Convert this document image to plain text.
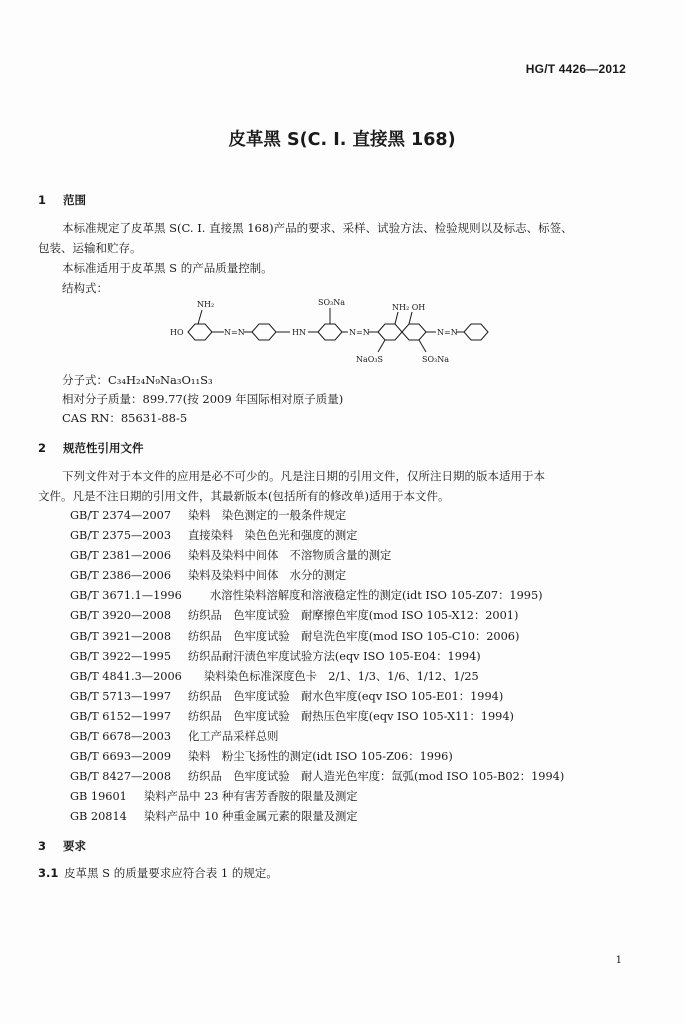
HG/T 4426—2012
皮革黑 S(C. I. 直接黑 168)
1 范围

本标准规定了皮革黑 S(C. I. 直接黑 168)产品的要求、采样、试验方法、检验规则以及标志、标签、

包装、运输和贮存。
本标准适用于皮革黑 S 的产品质量控制。
结构式：
HO
NH₂
N=N	HN
SO₃Na
N=N
NH₂ OH
NaO₃S	SO₃Na
N=N
分子式：C₃₄H₂₄N₉Na₃O₁₁S₃
相对分子质量：899.77(按 2009 年国际相对原子质量)
CAS RN：85631-88-5
2 规范性引用文件

下列文件对于本文件的应用是必不可少的。凡是注日期的引用文件，仅所注日期的版本适用于本

文件。凡是不注日期的引用文件，其最新版本(包括所有的修改单)适用于本文件。
GB/T 2374—2007 染料　染色测定的一般条件规定
GB/T 2375—2003 直接染料　染色色光和强度的测定
GB/T 2381—2006 染料及染料中间体　不溶物质含量的测定
GB/T 2386—2006 染料及染料中间体　水分的测定
GB/T 3671.1—1996 水溶性染料溶解度和溶液稳定性的测定(idt ISO 105-Z07：1995)
GB/T 3920—2008 纺织品　色牢度试验　耐摩擦色牢度(mod ISO 105-X12：2001)
GB/T 3921—2008 纺织品　色牢度试验　耐皂洗色牢度(mod ISO 105-C10：2006)
GB/T 3922—1995 纺织品耐汗渍色牢度试验方法(eqv ISO 105-E04：1994)
GB/T 4841.3—2006 染料染色标准深度色卡　2/1、1/3、1/6、1/12、1/25
GB/T 5713—1997 纺织品　色牢度试验　耐水色牢度(eqv ISO 105-E01：1994)
GB/T 6152—1997 纺织品　色牢度试验　耐热压色牢度(eqv ISO 105-X11：1994)
GB/T 6678—2003 化工产品采样总则
GB/T 6693—2009 染料　粉尘飞扬性的测定(idt ISO 105-Z06：1996)
GB/T 8427—2008 纺织品　色牢度试验　耐人造光色牢度：氙弧(mod ISO 105-B02：1994)
GB 19601 染料产品中 23 种有害芳香胺的限量及测定
GB 20814 染料产品中 10 种重金属元素的限量及测定
3 要求
3.1 皮革黑 S 的质量要求应符合表 1 的规定。
1
